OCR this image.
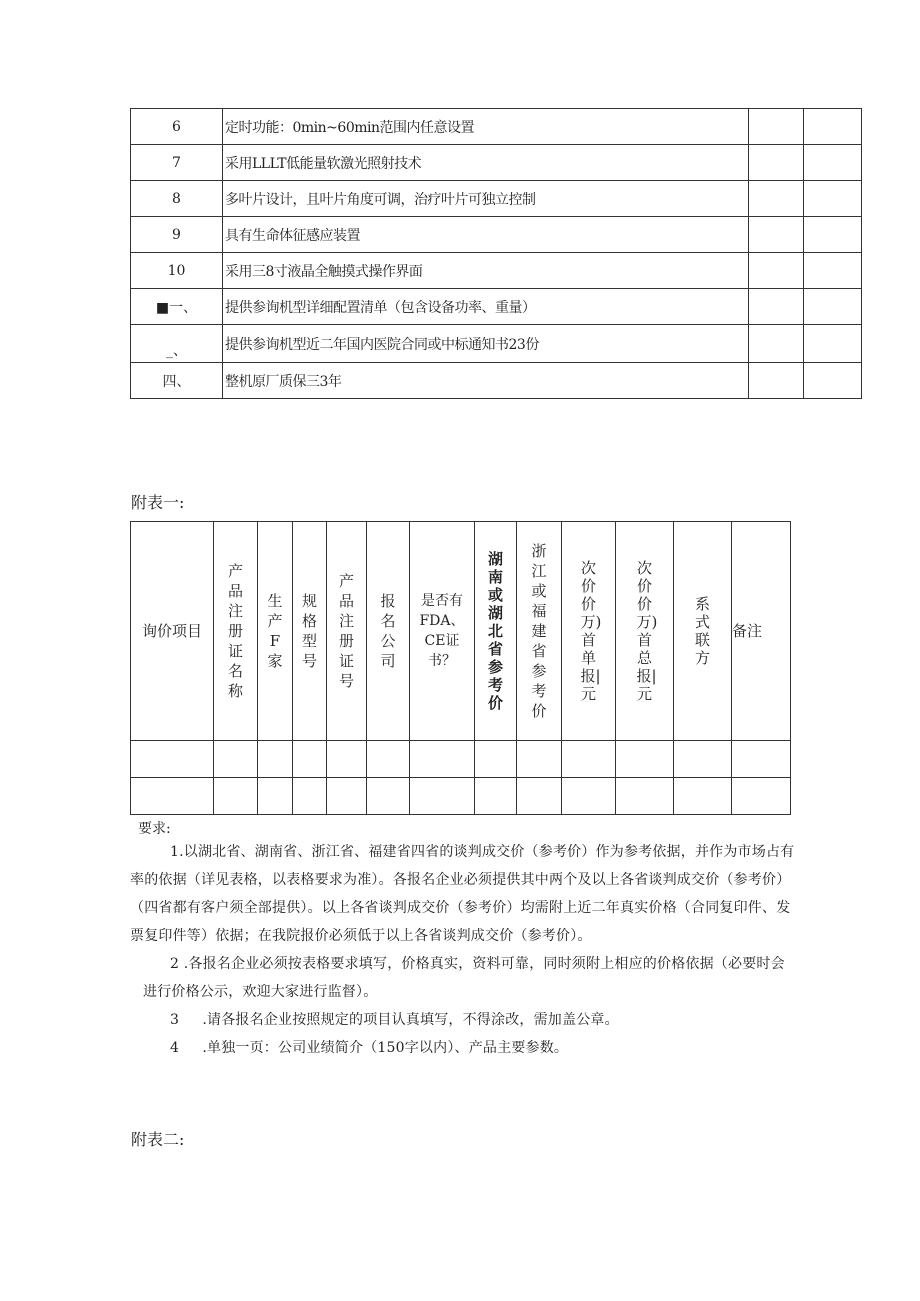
6	定时功能：0min~60min范围内任意设置		
7	采用LLLT低能量软激光照射技术		
8	多叶片设计，且叶片角度可调，治疗叶片可独立控制		
9	具有生命体征感应装置		
10	采用三8寸液晶全触摸式操作界面		
■一、	提供参询机型详细配置清单（包含设备功率、重量）		
_、	提供参询机型近二年国内医院合同或中标通知书23份		
四、	整机原厂质保三3年		
附表一:
询价项目	产品注册证名称	生产F家	规格型号	产品注册证号	报名公司	是否有FDA、CE证书？	湖南或湖北省参考价	浙江或福建省参考价	次价价万)首单报|元	次价价万)首总报|元	系式联方	备注

要求:

1.以湖北省、湖南省、浙江省、福建省四省的谈判成交价（参考价）作为参考依据，并作为市场占有

率的依据（详见表格，以表格要求为准）。各报名企业必须提供其中两个及以上各省谈判成交价（参考价）

（四省都有客户须全部提供）。以上各省谈判成交价（参考价）均需附上近二年真实价格（合同复印件、发

票复印件等）依据；在我院报价必须低于以上各省谈判成交价（参考价）。

2 .各报名企业必须按表格要求填写，价格真实，资料可靠，同时须附上相应的价格依据（必要时会

进行价格公示，欢迎大家进行监督）。

3     .请各报名企业按照规定的项目认真填写，不得涂改，需加盖公章。

4     .单独一页：公司业绩简介（150字以内）、产品主要参数。

附表二:
